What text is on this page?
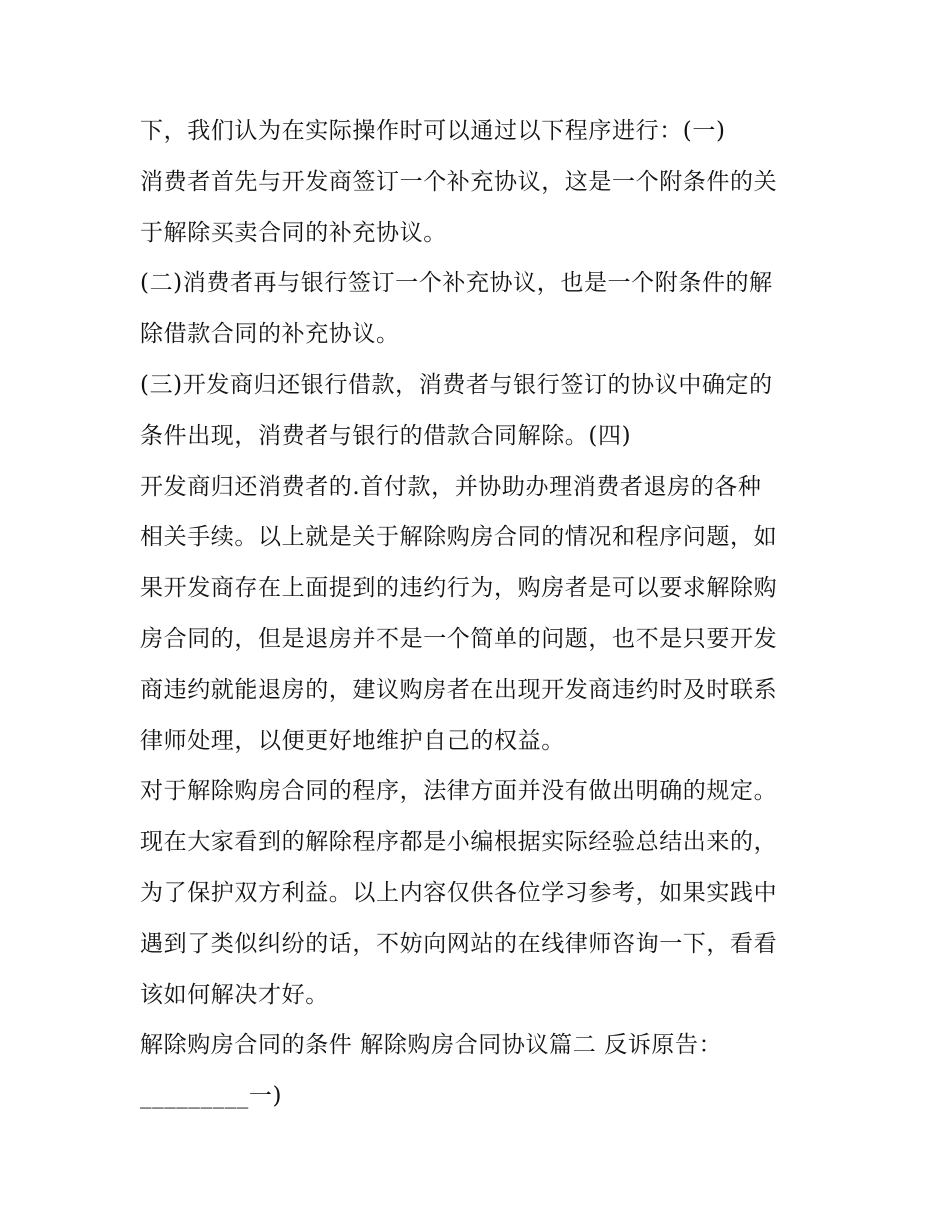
下，我们认为在实际操作时可以通过以下程序进行：(一)
消费者首先与开发商签订一个补充协议，这是一个附条件的关
于解除买卖合同的补充协议。
(二)消费者再与银行签订一个补充协议，也是一个附条件的解
除借款合同的补充协议。
(三)开发商归还银行借款，消费者与银行签订的协议中确定的
条件出现，消费者与银行的借款合同解除。(四)
开发商归还消费者的.首付款，并协助办理消费者退房的各种
相关手续。以上就是关于解除购房合同的情况和程序问题，如
果开发商存在上面提到的违约行为，购房者是可以要求解除购
房合同的，但是退房并不是一个简单的问题，也不是只要开发
商违约就能退房的，建议购房者在出现开发商违约时及时联系
律师处理，以便更好地维护自己的权益。
对于解除购房合同的程序，法律方面并没有做出明确的规定。
现在大家看到的解除程序都是小编根据实际经验总结出来的，
为了保护双方利益。以上内容仅供各位学习参考，如果实践中
遇到了类似纠纷的话，不妨向网站的在线律师咨询一下，看看
该如何解决才好。
解除购房合同的条件 解除购房合同协议篇二 反诉原告：
_________一)
